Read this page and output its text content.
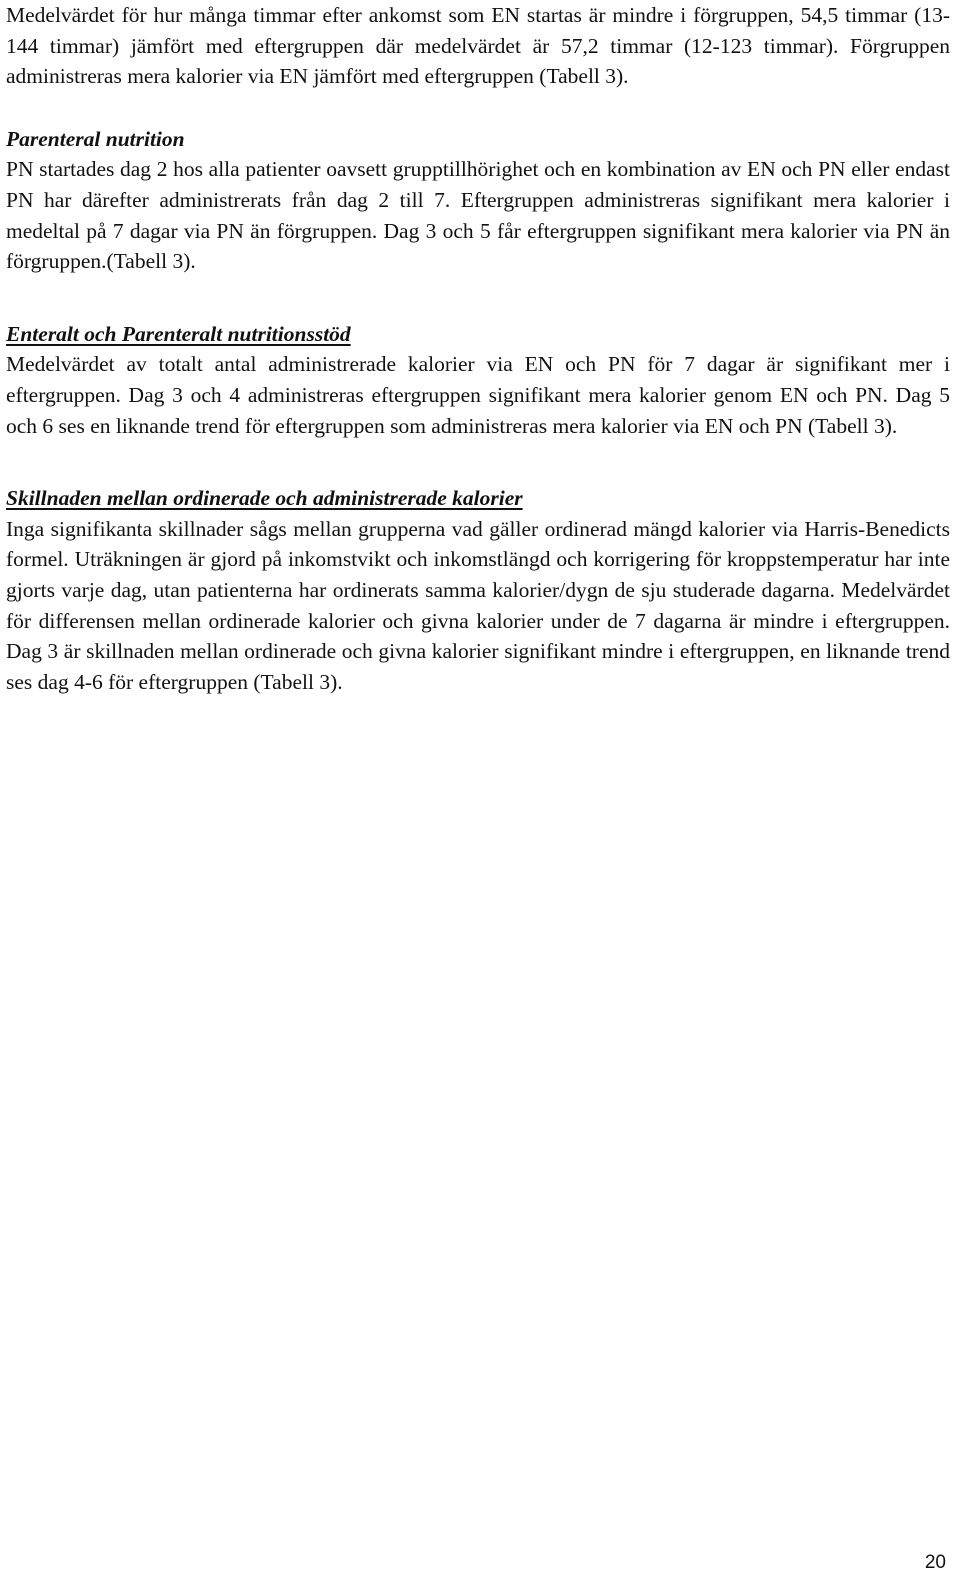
Medelvärdet för hur många timmar efter ankomst som EN startas är mindre i förgruppen, 54,5 timmar (13-144 timmar) jämfört med eftergruppen där medelvärdet är 57,2 timmar (12-123 timmar). Förgruppen administreras mera kalorier via EN jämfört med eftergruppen (Tabell 3).

Parenteral nutrition

PN startades dag 2 hos alla patienter oavsett grupptillhörighet och en kombination av EN och PN eller endast PN har därefter administrerats från dag 2 till 7. Eftergruppen administreras signifikant mera kalorier i medeltal på 7 dagar via PN än förgruppen. Dag 3 och 5 får eftergruppen signifikant mera kalorier via PN än förgruppen.(Tabell 3).

Enteralt och Parenteralt nutritionsstöd

Medelvärdet av totalt antal administrerade kalorier via EN och PN för 7 dagar är signifikant mer i eftergruppen. Dag 3 och 4 administreras eftergruppen signifikant mera kalorier genom EN och PN. Dag 5 och 6 ses en liknande trend för eftergruppen som administreras mera kalorier via EN och PN (Tabell 3).

Skillnaden mellan ordinerade och administrerade kalorier

Inga signifikanta skillnader sågs mellan grupperna vad gäller ordinerad mängd kalorier via Harris-Benedicts formel. Uträkningen är gjord på inkomstvikt och inkomstlängd och korrigering för kroppstemperatur har inte gjorts varje dag, utan patienterna har ordinerats samma kalorier/dygn de sju studerade dagarna. Medelvärdet för differensen mellan ordinerade kalorier och givna kalorier under de 7 dagarna är mindre i eftergruppen. Dag 3 är skillnaden mellan ordinerade och givna kalorier signifikant mindre i eftergruppen, en liknande trend ses dag 4-6 för eftergruppen (Tabell 3).

20
